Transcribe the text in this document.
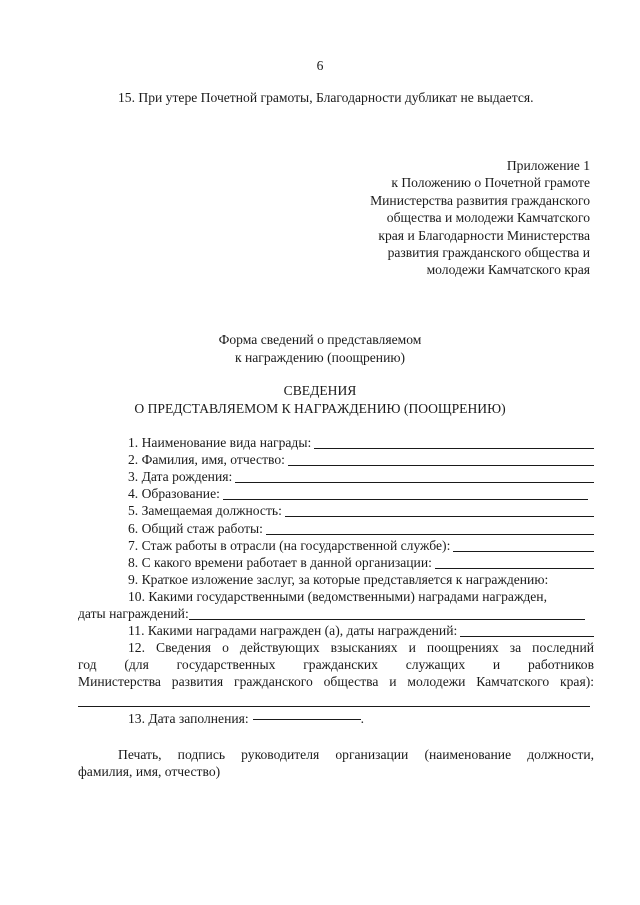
6
15. При утере Почетной грамоты, Благодарности дубликат не выдается.
Приложение 1
к Положению о Почетной грамоте
Министерства развития гражданского
общества и молодежи Камчатского
края и Благодарности Министерства
развития гражданского общества и
молодежи Камчатского края
Форма сведений о представляемом
к награждению (поощрению)
СВЕДЕНИЯ
О ПРЕДСТАВЛЯЕМОМ К НАГРАЖДЕНИЮ (ПООЩРЕНИЮ)
1. Наименование вида награды:
2. Фамилия, имя, отчество:
3. Дата рождения:
4. Образование:
5. Замещаемая должность:
6. Общий стаж работы:
7. Стаж работы в отрасли (на государственной службе):
8. С какого времени работает в данной организации:
9. Краткое изложение заслуг, за которые представляется к награждению:
10. Какими государственными (ведомственными) наградами награжден,
даты награждений:
11. Какими наградами награжден (а), даты награждений:
12. Сведения о действующих взысканиях и поощрениях за последний
год (для государственных гражданских служащих и работников
Министерства развития гражданского общества и молодежи Камчатского края):
13. Дата заполнения:	.
Печать, подпись руководителя организации (наименование должности,
фамилия, имя, отчество)
